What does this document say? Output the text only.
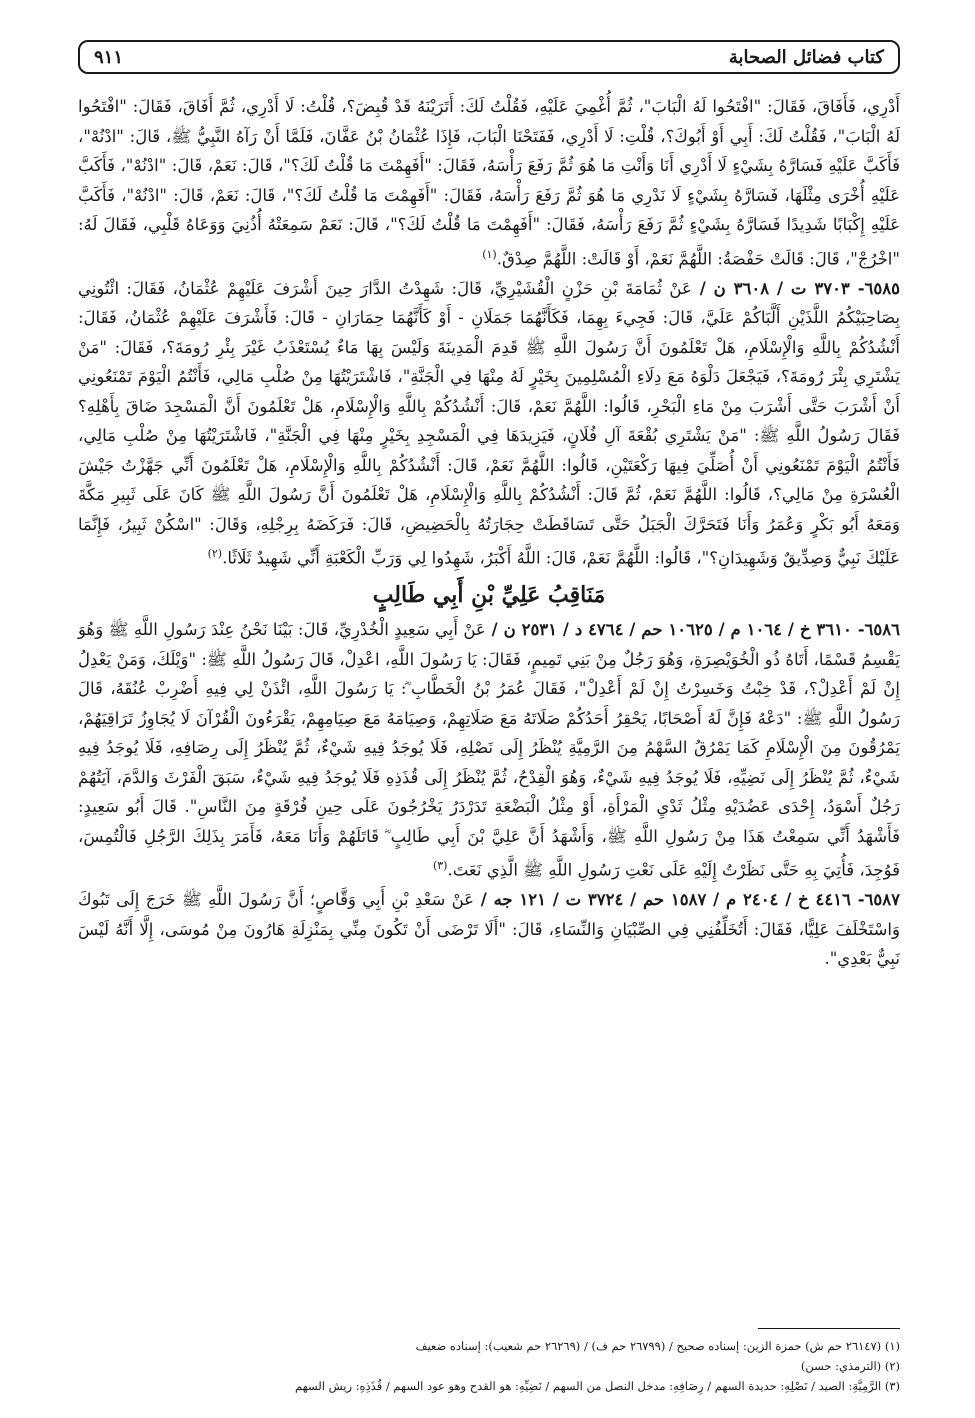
كتاب فضائل الصحابة
٩١١

أَدْرِي، فَأَفَاقَ، فَقَالَ: "افْتَحُوا لَهُ الْبَابَ"، ثُمَّ أُغْمِيَ عَلَيْهِ، فَقُلْتُ لَكَ: أَتَرَيْنَهُ قَدْ قُبِضَ؟، قُلْتُ: لَا أَدْرِي، ثُمَّ أَفَاقَ، فَقَالَ: "افْتَحُوا لَهُ الْبَابَ"، فَقُلْتُ لَكَ: أَبِي أَوْ أَبُوكَ؟، قُلْتِ: لَا أَدْرِي، فَفَتَحْنَا الْبَابَ، فَإِذَا عُثْمَانُ بْنُ عَفَّانَ، فَلَمَّا أَنْ رَآهُ النَّبِيُّ ﷺ، قَالَ: "ادْنُهْ"، فَأَكَبَّ عَلَيْهِ فَسَارَّهُ بِشَيْءٍ لَا أَدْرِي أَنَا وَأَنْتِ مَا هُوَ ثُمَّ رَفَعَ رَأْسَهُ، فَقَالَ: "أَفَهِمْتَ مَا قُلْتُ لَكَ؟"، قَالَ: نَعَمْ، قَالَ: "ادْنُهْ"، فَأَكَبَّ عَلَيْهِ أُخْرَى مِثْلَهَا، فَسَارَّهُ بِشَيْءٍ لَا نَدْرِي مَا هُوَ ثُمَّ رَفَعَ رَأْسَهُ، فَقَالَ: "أَفَهِمْتَ مَا قُلْتُ لَكَ؟"، قَالَ: نَعَمْ، قَالَ: "ادْنُهْ"، فَأَكَبَّ عَلَيْهِ إِكْبَابًا شَدِيدًا فَسَارَّهُ بِشَيْءٍ ثُمَّ رَفَعَ رَأْسَهُ، فَقَالَ: "أَفَهِمْتَ مَا قُلْتُ لَكَ؟"، قَالَ: نَعَمْ سَمِعَتْهُ أُذُنِيَ وَوَعَاهُ قَلْبِي، فَقَالَ لَهُ: "اخْرُجْ"، قَالَ: قَالَتْ حَفْصَةُ: اللَّهُمَّ نَعَمْ، أَوْ قَالَتْ: اللَّهُمَّ صِدْقٌ.$^{(١)}$

٦٥٨٥- ٣٧٠٣ ت / ٣٦٠٨ ن / عَنْ ثُمَامَةَ بْنِ حَزْنٍ الْقُشَيْرِيِّ، قَالَ: شَهِدْتُ الدَّارَ حِينَ أَشْرَفَ عَلَيْهِمْ عُثْمَانُ، فَقَالَ: ائْتُونِي بِصَاحِبَيْكُمُ اللَّذَيْنِ أَلَّبَاكُمْ عَلَيَّ، قَالَ: فَجِيءَ بِهِمَا، فَكَأَنَّهُمَا جَمَلَانِ - أَوْ كَأَنَّهُمَا حِمَارَانِ - قَالَ: فَأَشْرَفَ عَلَيْهِمْ عُثْمَانُ، فَقَالَ: أَنْشُدُكُمْ بِاللَّهِ وَالْإِسْلَامِ، هَلْ تَعْلَمُونَ أَنَّ رَسُولَ اللَّهِ ﷺ قَدِمَ الْمَدِينَةَ وَلَيْسَ بِهَا مَاءٌ يُسْتَعْذَبُ غَيْرَ بِئْرِ رُومَةَ؟، فَقَالَ: "مَنْ يَشْتَرِي بِئْرَ رُومَةَ؟، فَيَجْعَلَ دَلْوَهُ مَعَ دِلَاءِ الْمُسْلِمِينَ بِخَيْرٍ لَهُ مِنْهَا فِي الْجَنَّةِ"، فَاشْتَرَيْتُهَا مِنْ صُلْبِ مَالِي، فَأَنْتُمُ الْيَوْمَ تَمْنَعُونِي أَنْ أَشْرَبَ حَتَّى أَشْرَبَ مِنْ مَاءِ الْبَحْرِ، قَالُوا: اللَّهُمَّ نَعَمْ، قَالَ: أَنْشُدُكُمْ بِاللَّهِ وَالْإِسْلَامِ، هَلْ تَعْلَمُونَ أَنَّ الْمَسْجِدَ ضَاقَ بِأَهْلِهِ؟ فَقَالَ رَسُولُ اللَّهِ ﷺ: "مَنْ يَشْتَرِي بُقْعَةَ آلِ فُلَانٍ، فَيَزِيدَهَا فِي الْمَسْجِدِ بِخَيْرٍ مِنْهَا فِي الْجَنَّةِ"، فَاشْتَرَيْتُهَا مِنْ صُلْبِ مَالِي، فَأَنْتُمُ الْيَوْمَ تَمْنَعُونِي أَنْ أُصَلِّيَ فِيهَا رَكْعَتَيْنِ، قَالُوا: اللَّهُمَّ نَعَمْ، قَالَ: أَنْشُدُكُمْ بِاللَّهِ وَالْإِسْلَامِ، هَلْ تَعْلَمُونَ أَنِّي جَهَّزْتُ جَيْشَ الْعُسْرَةِ مِنْ مَالِي؟، قَالُوا: اللَّهُمَّ نَعَمْ، ثُمَّ قَالَ: أَنْشُدُكُمْ بِاللَّهِ وَالْإِسْلَامِ، هَلْ تَعْلَمُونَ أَنَّ رَسُولَ اللَّهِ ﷺ كَانَ عَلَى ثَبِيرِ مَكَّةَ وَمَعَهُ أَبُو بَكْرٍ وَعُمَرُ وَأَنَا فَتَحَرَّكَ الْجَبَلُ حَتَّى تَسَاقَطَتْ حِجَارَتُهُ بِالْحَضِيضِ، قَالَ: فَرَكَضَهُ بِرِجْلِهِ، وَقَالَ: "اسْكُنْ ثَبِيرُ، فَإِنَّمَا عَلَيْكَ نَبِيٌّ وَصِدِّيقٌ وَشَهِيدَانِ؟"، قَالُوا: اللَّهُمَّ نَعَمْ، قَالَ: اللَّهُ أَكْبَرُ، شَهِدُوا لِي وَرَبِّ الْكَعْبَةِ أَنِّي شَهِيدٌ ثَلَاثًا.$^{(٢)}$

مَنَاقِبُ عَلِيِّ بْنِ أَبِي طَالِبٍ

٦٥٨٦- ٣٦١٠ خ / ١٠٦٤ م / ١٠٦٢٥ حم / ٤٧٦٤ د / ٢٥٣١ ن / عَنْ أَبِي سَعِيدٍ الْخُدْرِيِّ، قَالَ: بَيْنَا نَحْنُ عِنْدَ رَسُولِ اللَّهِ ﷺ وَهُوَ يَقْسِمُ قَسْمًا، أَتَاهُ ذُو الْخُوَيْصِرَةِ، وَهُوَ رَجُلٌ مِنْ بَنِي تَمِيمٍ، فَقَالَ: يَا رَسُولَ اللَّهِ، اعْدِلْ، قَالَ رَسُولُ اللَّهِ ﷺ: "وَيْلَكَ، وَمَنْ يَعْدِلُ إِنْ لَمْ أَعْدِلْ؟، قَدْ خِبْتُ وَخَسِرْتُ إِنْ لَمْ أَعْدِلْ"، فَقَالَ عُمَرُ بْنُ الْخَطَّابِ ؓ: يَا رَسُولَ اللَّهِ، ائْذَنْ لِي فِيهِ أَضْرِبْ عُنُقَهُ، قَالَ رَسُولُ اللَّهِ ﷺ: "دَعْهُ فَإِنَّ لَهُ أَصْحَابًا، يَحْقِرُ أَحَدُكُمْ صَلَاتَهُ مَعَ صَلَاتِهِمْ، وَصِيَامَهُ مَعَ صِيَامِهِمْ، يَقْرَءُونَ الْقُرْآنَ لَا يُجَاوِزُ تَرَاقِيَهُمْ، يَمْرُقُونَ مِنَ الْإِسْلَامِ كَمَا يَمْرُقُ السَّهْمُ مِنَ الرَّمِيَّةِ يُنْظَرُ إِلَى نَصْلِهِ، فَلَا يُوجَدُ فِيهِ شَيْءٌ، ثُمَّ يُنْظَرُ إِلَى رِصَافِهِ، فَلَا يُوجَدُ فِيهِ شَيْءٌ، ثُمَّ يُنْظَرُ إِلَى نَضِيِّهِ، فَلَا يُوجَدُ فِيهِ شَيْءٌ، وَهُوَ الْقِدْحُ، ثُمَّ يُنْظَرُ إِلَى قُذَذِهِ فَلَا يُوجَدُ فِيهِ شَيْءٌ، سَبَقَ الْفَرْثَ وَالدَّمَ، آيَتُهُمْ رَجُلٌ أَسْوَدُ، إِحْدَى عَضُدَيْهِ مِثْلُ ثَدْيِ الْمَرْأَةِ، أَوْ مِثْلُ الْبَضْعَةِ تَدَرْدَرُ يَخْرُجُونَ عَلَى حِينِ فُرْقَةٍ مِنَ النَّاسِ". قَالَ أَبُو سَعِيدٍ: فَأَشْهَدُ أَنِّي سَمِعْتُ هَذَا مِنْ رَسُولِ اللَّهِ ﷺ، وَأَشْهَدُ أَنَّ عَلِيَّ بْنَ أَبِي طَالِبٍ ؓ قَاتَلَهُمْ وَأَنَا مَعَهُ، فَأَمَرَ بِذَلِكَ الرَّجُلِ فَالْتُمِسَ، فَوُجِدَ، فَأُتِيَ بِهِ حَتَّى نَظَرْتُ إِلَيْهِ عَلَى نَعْتِ رَسُولِ اللَّهِ ﷺ الَّذِي نَعَتَ.$^{(٣)}$

٦٥٨٧- ٤٤١٦ خ / ٢٤٠٤ م / ١٥٨٧ حم / ٣٧٢٤ ت / ١٢١ جه / عَنْ سَعْدِ بْنِ أَبِي وَقَّاصٍ؛ أَنَّ رَسُولَ اللَّهِ ﷺ خَرَجَ إِلَى تَبُوكَ وَاسْتَخْلَفَ عَلِيًّا، فَقَالَ: أَتُخَلِّفُنِي فِي الصِّبْيَانِ وَالنِّسَاءِ، قَالَ: "أَلَا تَرْضَى أَنْ تَكُونَ مِنِّي بِمَنْزِلَةِ هَارُونَ مِنْ مُوسَى، إِلَّا أَنَّهُ لَيْسَ نَبِيٌّ بَعْدِي".

(١) (٢٦١٤٧ حم ش) حمزة الزين: إسناده صحيح / (٢٦٧٩٩ حم ف) / (٢٦٢٦٩ حم شعيب): إسناده ضعيف

(٢) (الترمذي: حسن)

(٣) الرَّمِيَّةِ: الصيد / نَصْلِهِ: حديدة السهم / رِصَافِهِ: مدخل النصل من السهم / نَضِيِّهِ: هو القدح وهو عود السهم / قُذَذِهِ: ريش السهم
